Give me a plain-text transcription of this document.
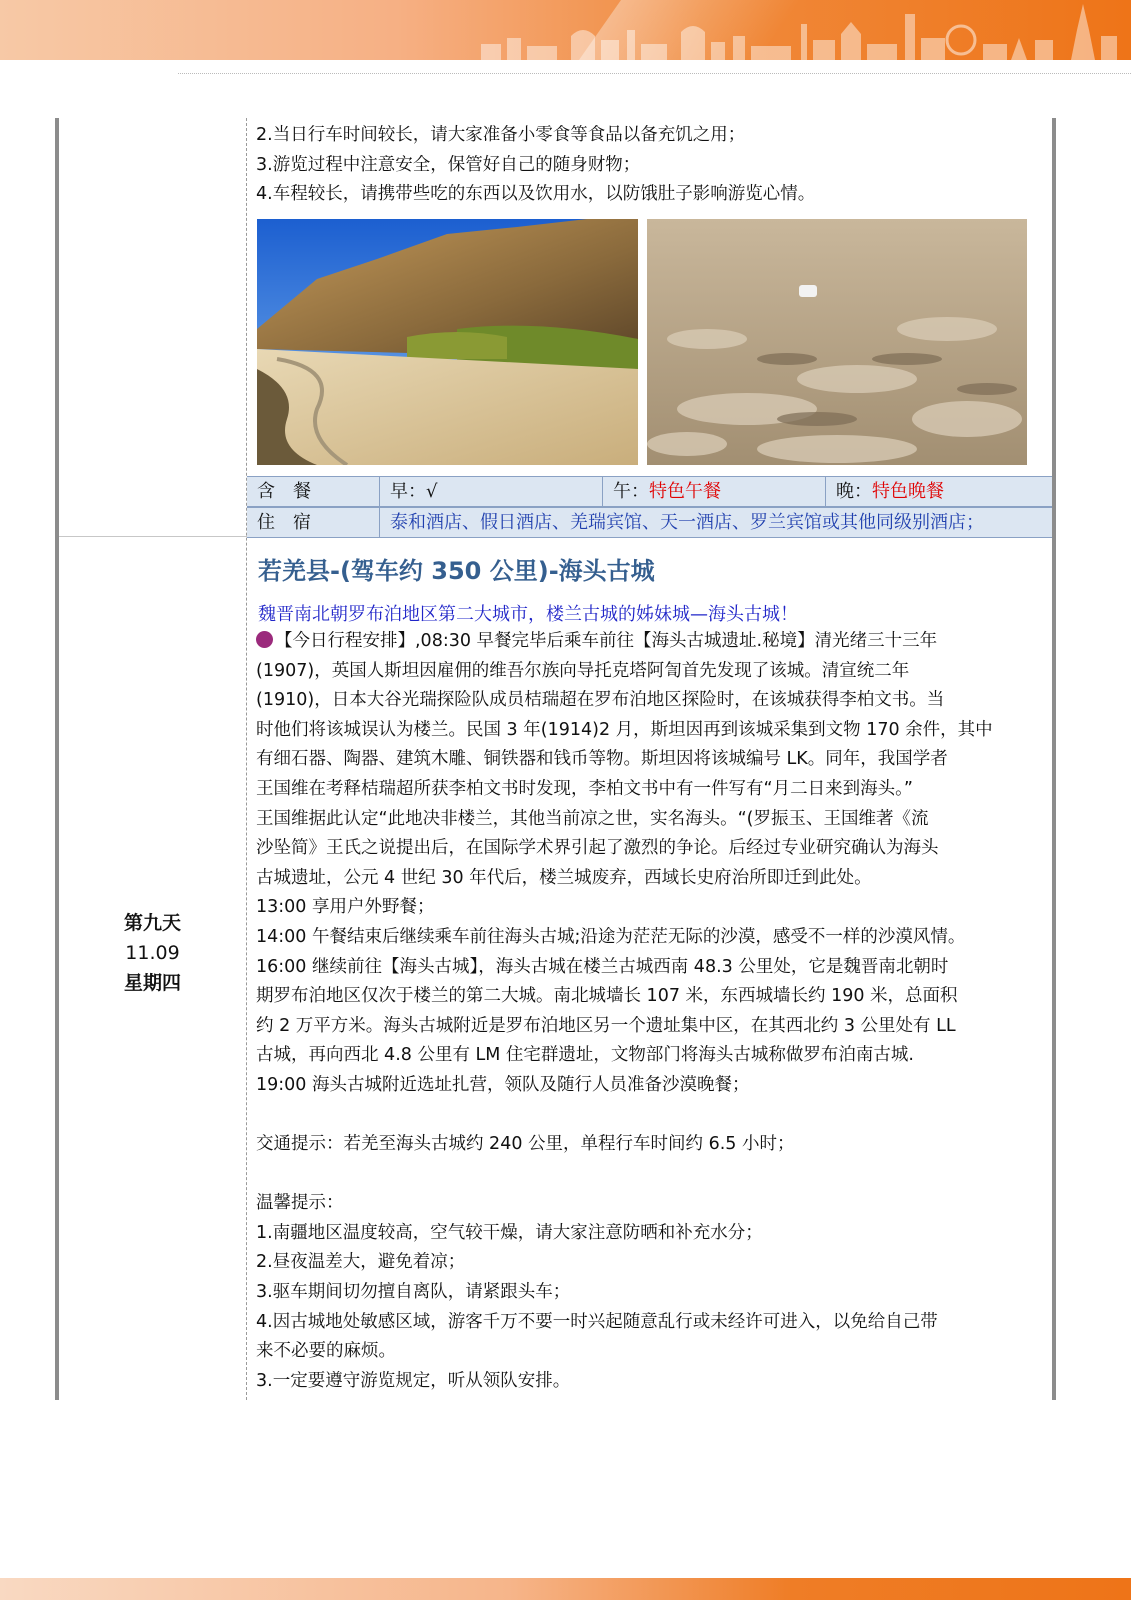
2.当日行车时间较长，请大家准备小零食等食品以备充饥之用；
3.游览过程中注意安全，保管好自己的随身财物；
4.车程较长，请携带些吃的东西以及饮用水，以防饿肚子影响游览心情。
含　餐	早：√	午：特色午餐	晚：特色晚餐
住　宿	泰和酒店、假日酒店、羌瑞宾馆、天一酒店、罗兰宾馆或其他同级别酒店；
第九天
11.09
星期四
若羌县-(驾车约 350 公里)-海头古城
魏晋南北朝罗布泊地区第二大城市，楼兰古城的姊妹城—海头古城！
【今日行程安排】,08:30 早餐完毕后乘车前往【海头古城遗址.秘境】清光绪三十三年
(1907)，英国人斯坦因雇佣的维吾尔族向导托克塔阿訇首先发现了该城。清宣统二年
(1910)，日本大谷光瑞探险队成员桔瑞超在罗布泊地区探险时，在该城获得李柏文书。当
时他们将该城误认为楼兰。民国 3 年(1914)2 月，斯坦因再到该城采集到文物 170 余件，其中
有细石器、陶器、建筑木雕、铜铁器和钱币等物。斯坦因将该城编号 LK。同年，我国学者
王国维在考释桔瑞超所获李柏文书时发现，李柏文书中有一件写有“月二日来到海头。”
王国维据此认定“此地决非楼兰，其他当前凉之世，实名海头。“(罗振玉、王国维著《流
沙坠简》王氏之说提出后，在国际学术界引起了激烈的争论。后经过专业研究确认为海头
古城遗址，公元 4 世纪 30 年代后，楼兰城废弃，西域长史府治所即迁到此处。
13:00 享用户外野餐；
14:00 午餐结束后继续乘车前往海头古城;沿途为茫茫无际的沙漠，感受不一样的沙漠风情。
16:00 继续前往【海头古城】，海头古城在楼兰古城西南 48.3 公里处，它是魏晋南北朝时
期罗布泊地区仅次于楼兰的第二大城。南北城墙长 107 米，东西城墙长约 190 米，总面积
约 2 万平方米。海头古城附近是罗布泊地区另一个遗址集中区，在其西北约 3 公里处有 LL
古城，再向西北 4.8 公里有 LM 住宅群遗址，文物部门将海头古城称做罗布泊南古城.
19:00 海头古城附近选址扎营，领队及随行人员准备沙漠晚餐；
交通提示：若羌至海头古城约 240 公里，单程行车时间约 6.5 小时；
温馨提示：
1.南疆地区温度较高，空气较干燥，请大家注意防晒和补充水分；
2.昼夜温差大，避免着凉；
3.驱车期间切勿擅自离队，请紧跟头车；
4.因古城地处敏感区域，游客千万不要一时兴起随意乱行或未经许可进入，以免给自己带
来不必要的麻烦。
3.一定要遵守游览规定，听从领队安排。
